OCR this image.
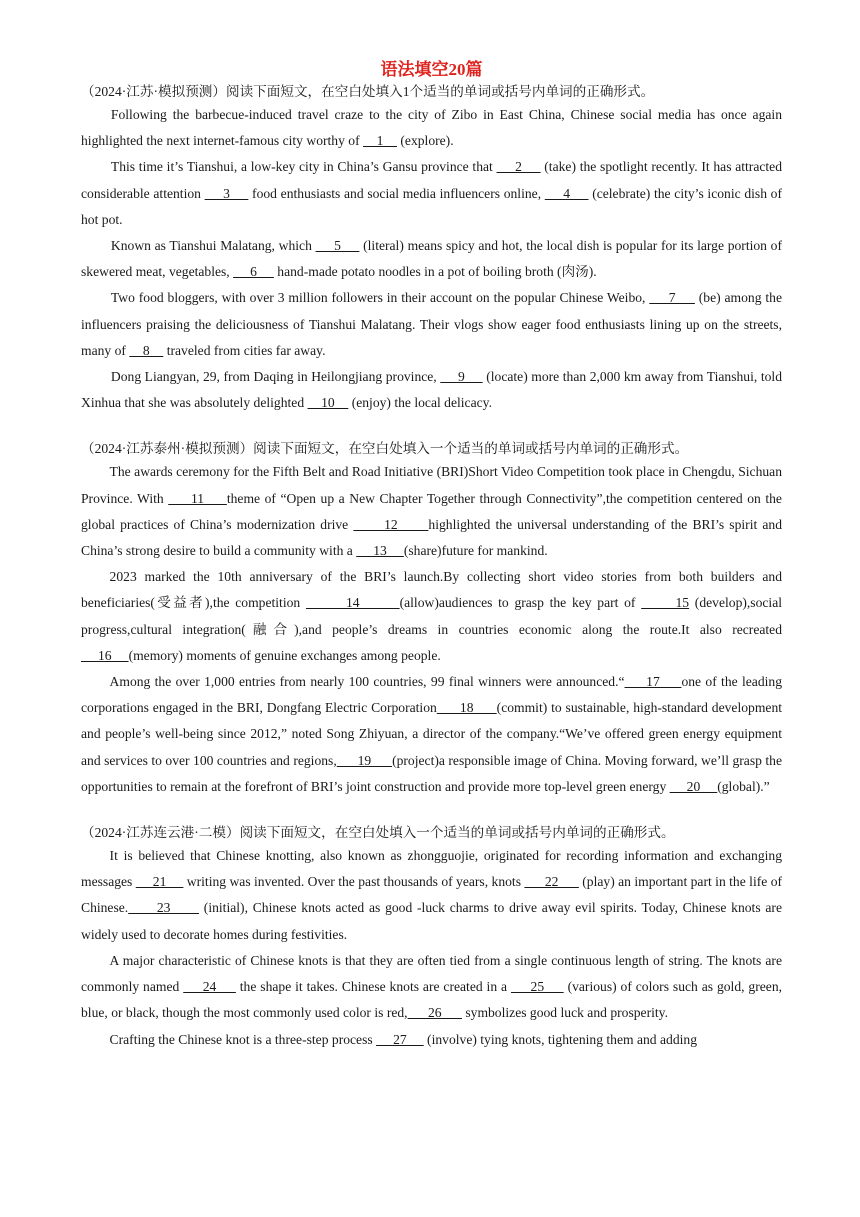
语法填空20篇

（2024·江苏·模拟预测）阅读下面短文，在空白处填入1个适当的单词或括号内单词的正确形式。

Following the barbecue-induced travel craze to the city of Zibo in East China, Chinese social media has once again highlighted the next internet-famous city worthy of     1     (explore).

This time it’s Tianshui, a low-key city in China’s Gansu province that      2      (take) the spotlight recently. It has attracted considerable attention      3      food enthusiasts and social media influencers online,      4      (celebrate) the city’s iconic dish of hot pot.

Known as Tianshui Malatang, which      5      (literal) means spicy and hot, the local dish is popular for its large portion of skewered meat, vegetables,      6      hand-made potato noodles in a pot of boiling broth (肉汤).

Two food bloggers, with over 3 million followers in their account on the popular Chinese Weibo,      7      (be) among the influencers praising the deliciousness of Tianshui Malatang. Their vlogs show eager food enthusiasts lining up on the streets, many of     8     traveled from cities far away.

Dong Liangyan, 29, from Daqing in Heilongjiang province,      9      (locate) more than 2,000 km away from Tianshui, told Xinhua that she was absolutely delighted     10     (enjoy) the local delicacy.

（2024·江苏泰州·模拟预测）阅读下面短文，在空白处填入一个适当的单词或括号内单词的正确形式。

The awards ceremony for the Fifth Belt and Road Initiative (BRI)Short Video Competition took place in Chengdu, Sichuan Province. With      11     theme of “Open up a New Chapter Together through Connectivity”,the competition centered on the global practices of China’s modernization drive       12      highlighted the universal understanding of the BRI’s spirit and China’s strong desire to build a community with a      13     (share)future for mankind.

2023 marked the 10th anniversary of the BRI’s launch.By collecting short video stories from both builders and beneficiaries(受益者),the competition        14       (allow)audiences to grasp the key part of       15 (develop),social progress,cultural integration(融合),and people’s dreams in countries economic along the route.It also recreated      16     (memory) moments of genuine exchanges among people.

Among the over 1,000 entries from nearly 100 countries, 99 final winners were announced.“     17     one of the leading corporations engaged in the BRI, Dongfang Electric Corporation      18      (commit) to sustainable, high-standard development and people’s well-being since 2012,” noted Song Zhiyuan, a director of the company.“We’ve offered green energy equipment and services to over 100 countries and regions,      19      (project)a responsible image of China. Moving forward, we’ll grasp the opportunities to remain at the forefront of BRI’s joint construction and provide more top-level green energy      20     (global).”

（2024·江苏连云港·二模）阅读下面短文，在空白处填入一个适当的单词或括号内单词的正确形式。

It is believed that Chinese knotting, also known as zhongguojie, originated for recording information and exchanging messages      21      writing was invented. Over the past thousands of years, knots       22       (play) an important part in the life of Chinese.      23       (initial), Chinese knots acted as good -luck charms to drive away evil spirits. Today, Chinese knots are widely used to decorate homes during festivities.

A major characteristic of Chinese knots is that they are often tied from a single continuous length of string. The knots are commonly named      24      the shape it takes. Chinese knots are created in a      25      (various) of colors such as gold, green, blue, or black, though the most commonly used color is red,      26       symbolizes good luck and prosperity.

Crafting the Chinese knot is a three-step process      27      (involve) tying knots, tightening them and adding
